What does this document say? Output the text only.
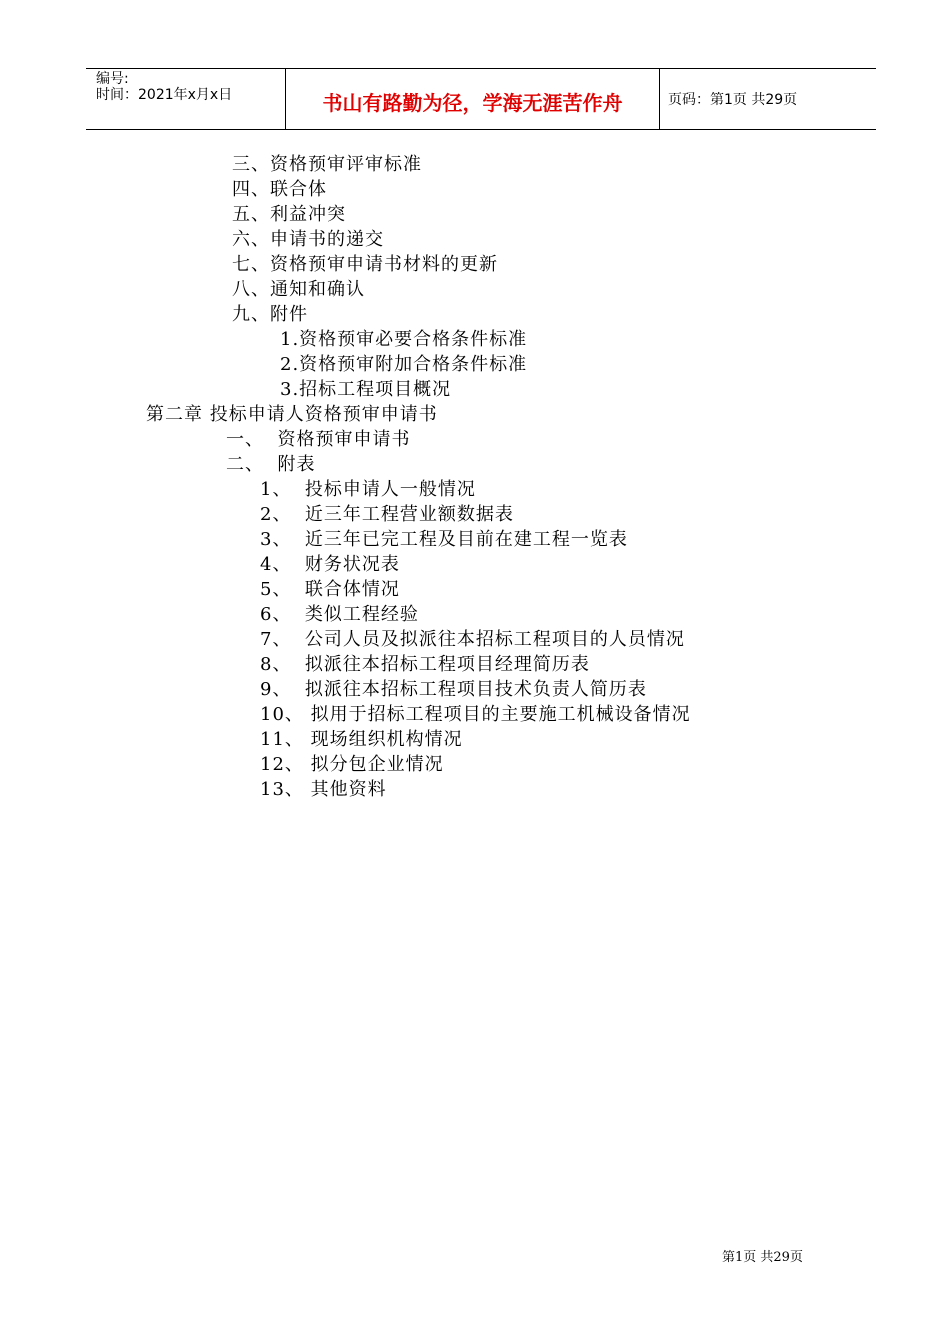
编号:
时间：2021年x月x日	书山有路勤为径，学海无涯苦作舟	页码：第1页 共29页
三、资格预审评审标准
四、联合体
五、利益冲突
六、申请书的递交
七、资格预审申请书材料的更新
八、通知和确认
九、附件
1.资格预审必要合格条件标准
2.资格预审附加合格条件标准
3.招标工程项目概况
第二章 投标申请人资格预审申请书
一、  资格预审申请书
二、  附表
1、  投标申请人一般情况
2、  近三年工程营业额数据表
3、  近三年已完工程及目前在建工程一览表
4、  财务状况表
5、  联合体情况
6、  类似工程经验
7、  公司人员及拟派往本招标工程项目的人员情况
8、  拟派往本招标工程项目经理简历表
9、  拟派往本招标工程项目技术负责人简历表
10、 拟用于招标工程项目的主要施工机械设备情况
11、 现场组织机构情况
12、 拟分包企业情况
13、 其他资料
第1页 共29页
